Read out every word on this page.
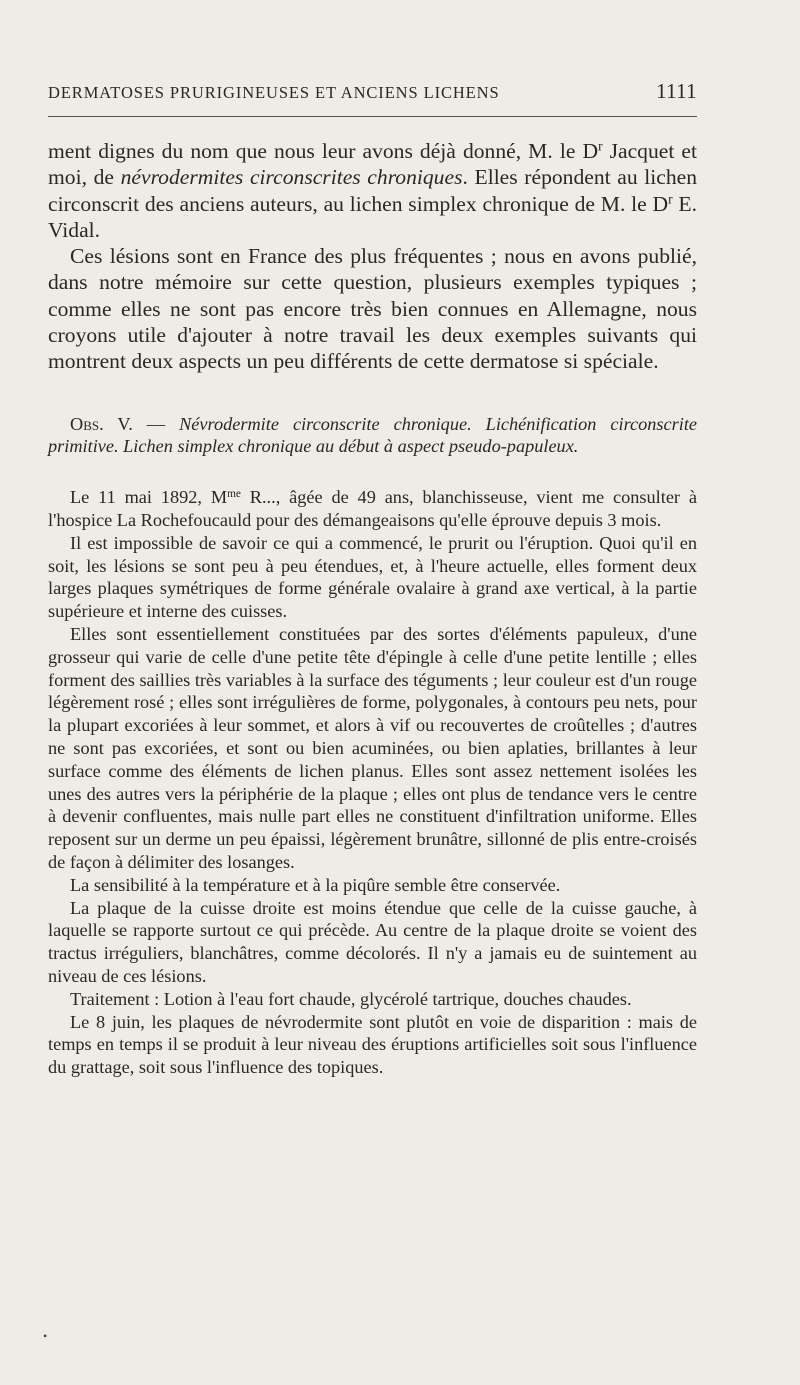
DERMATOSES PRURIGINEUSES ET ANCIENS LICHENS	1111

ment dignes du nom que nous leur avons déjà donné, M. le $D^r$ Jacquet et moi, de névrodermites circonscrites chroniques. Elles répondent au lichen circonscrit des anciens auteurs, au lichen simplex chronique de M. le $D^r$ E. Vidal.

Ces lésions sont en France des plus fréquentes ; nous en avons publié, dans notre mémoire sur cette question, plusieurs exemples typiques ; comme elles ne sont pas encore très bien connues en Allemagne, nous croyons utile d'ajouter à notre travail les deux exemples suivants qui montrent deux aspects un peu différents de cette dermatose si spéciale.

Obs. V. — Névrodermite circonscrite chronique. Lichénification circonscrite primitive. Lichen simplex chronique au début à aspect pseudo-papuleux.

Le 11 mai 1892, $M^{me}$ R..., âgée de 49 ans, blanchisseuse, vient me consulter à l'hospice La Rochefoucauld pour des démangeaisons qu'elle éprouve depuis 3 mois.

Il est impossible de savoir ce qui a commencé, le prurit ou l'éruption. Quoi qu'il en soit, les lésions se sont peu à peu étendues, et, à l'heure actuelle, elles forment deux larges plaques symétriques de forme générale ovalaire à grand axe vertical, à la partie supérieure et interne des cuisses.

Elles sont essentiellement constituées par des sortes d'éléments papuleux, d'une grosseur qui varie de celle d'une petite tête d'épingle à celle d'une petite lentille ; elles forment des saillies très variables à la surface des téguments ; leur couleur est d'un rouge légèrement rosé ; elles sont irrégulières de forme, polygonales, à contours peu nets, pour la plupart excoriées à leur sommet, et alors à vif ou recouvertes de croûtelles ; d'autres ne sont pas excoriées, et sont ou bien acuminées, ou bien aplaties, brillantes à leur surface comme des éléments de lichen planus. Elles sont assez nettement isolées les unes des autres vers la périphérie de la plaque ; elles ont plus de tendance vers le centre à devenir confluentes, mais nulle part elles ne constituent d'infiltration uniforme. Elles reposent sur un derme un peu épaissi, légèrement brunâtre, sillonné de plis entre-croisés de façon à délimiter des losanges.

La sensibilité à la température et à la piqûre semble être conservée.

La plaque de la cuisse droite est moins étendue que celle de la cuisse gauche, à laquelle se rapporte surtout ce qui précède. Au centre de la plaque droite se voient des tractus irréguliers, blanchâtres, comme décolorés. Il n'y a jamais eu de suintement au niveau de ces lésions.

Traitement : Lotion à l'eau fort chaude, glycérolé tartrique, douches chaudes.

Le 8 juin, les plaques de névrodermite sont plutôt en voie de disparition : mais de temps en temps il se produit à leur niveau des éruptions artificielles soit sous l'influence du grattage, soit sous l'influence des topiques.

•
